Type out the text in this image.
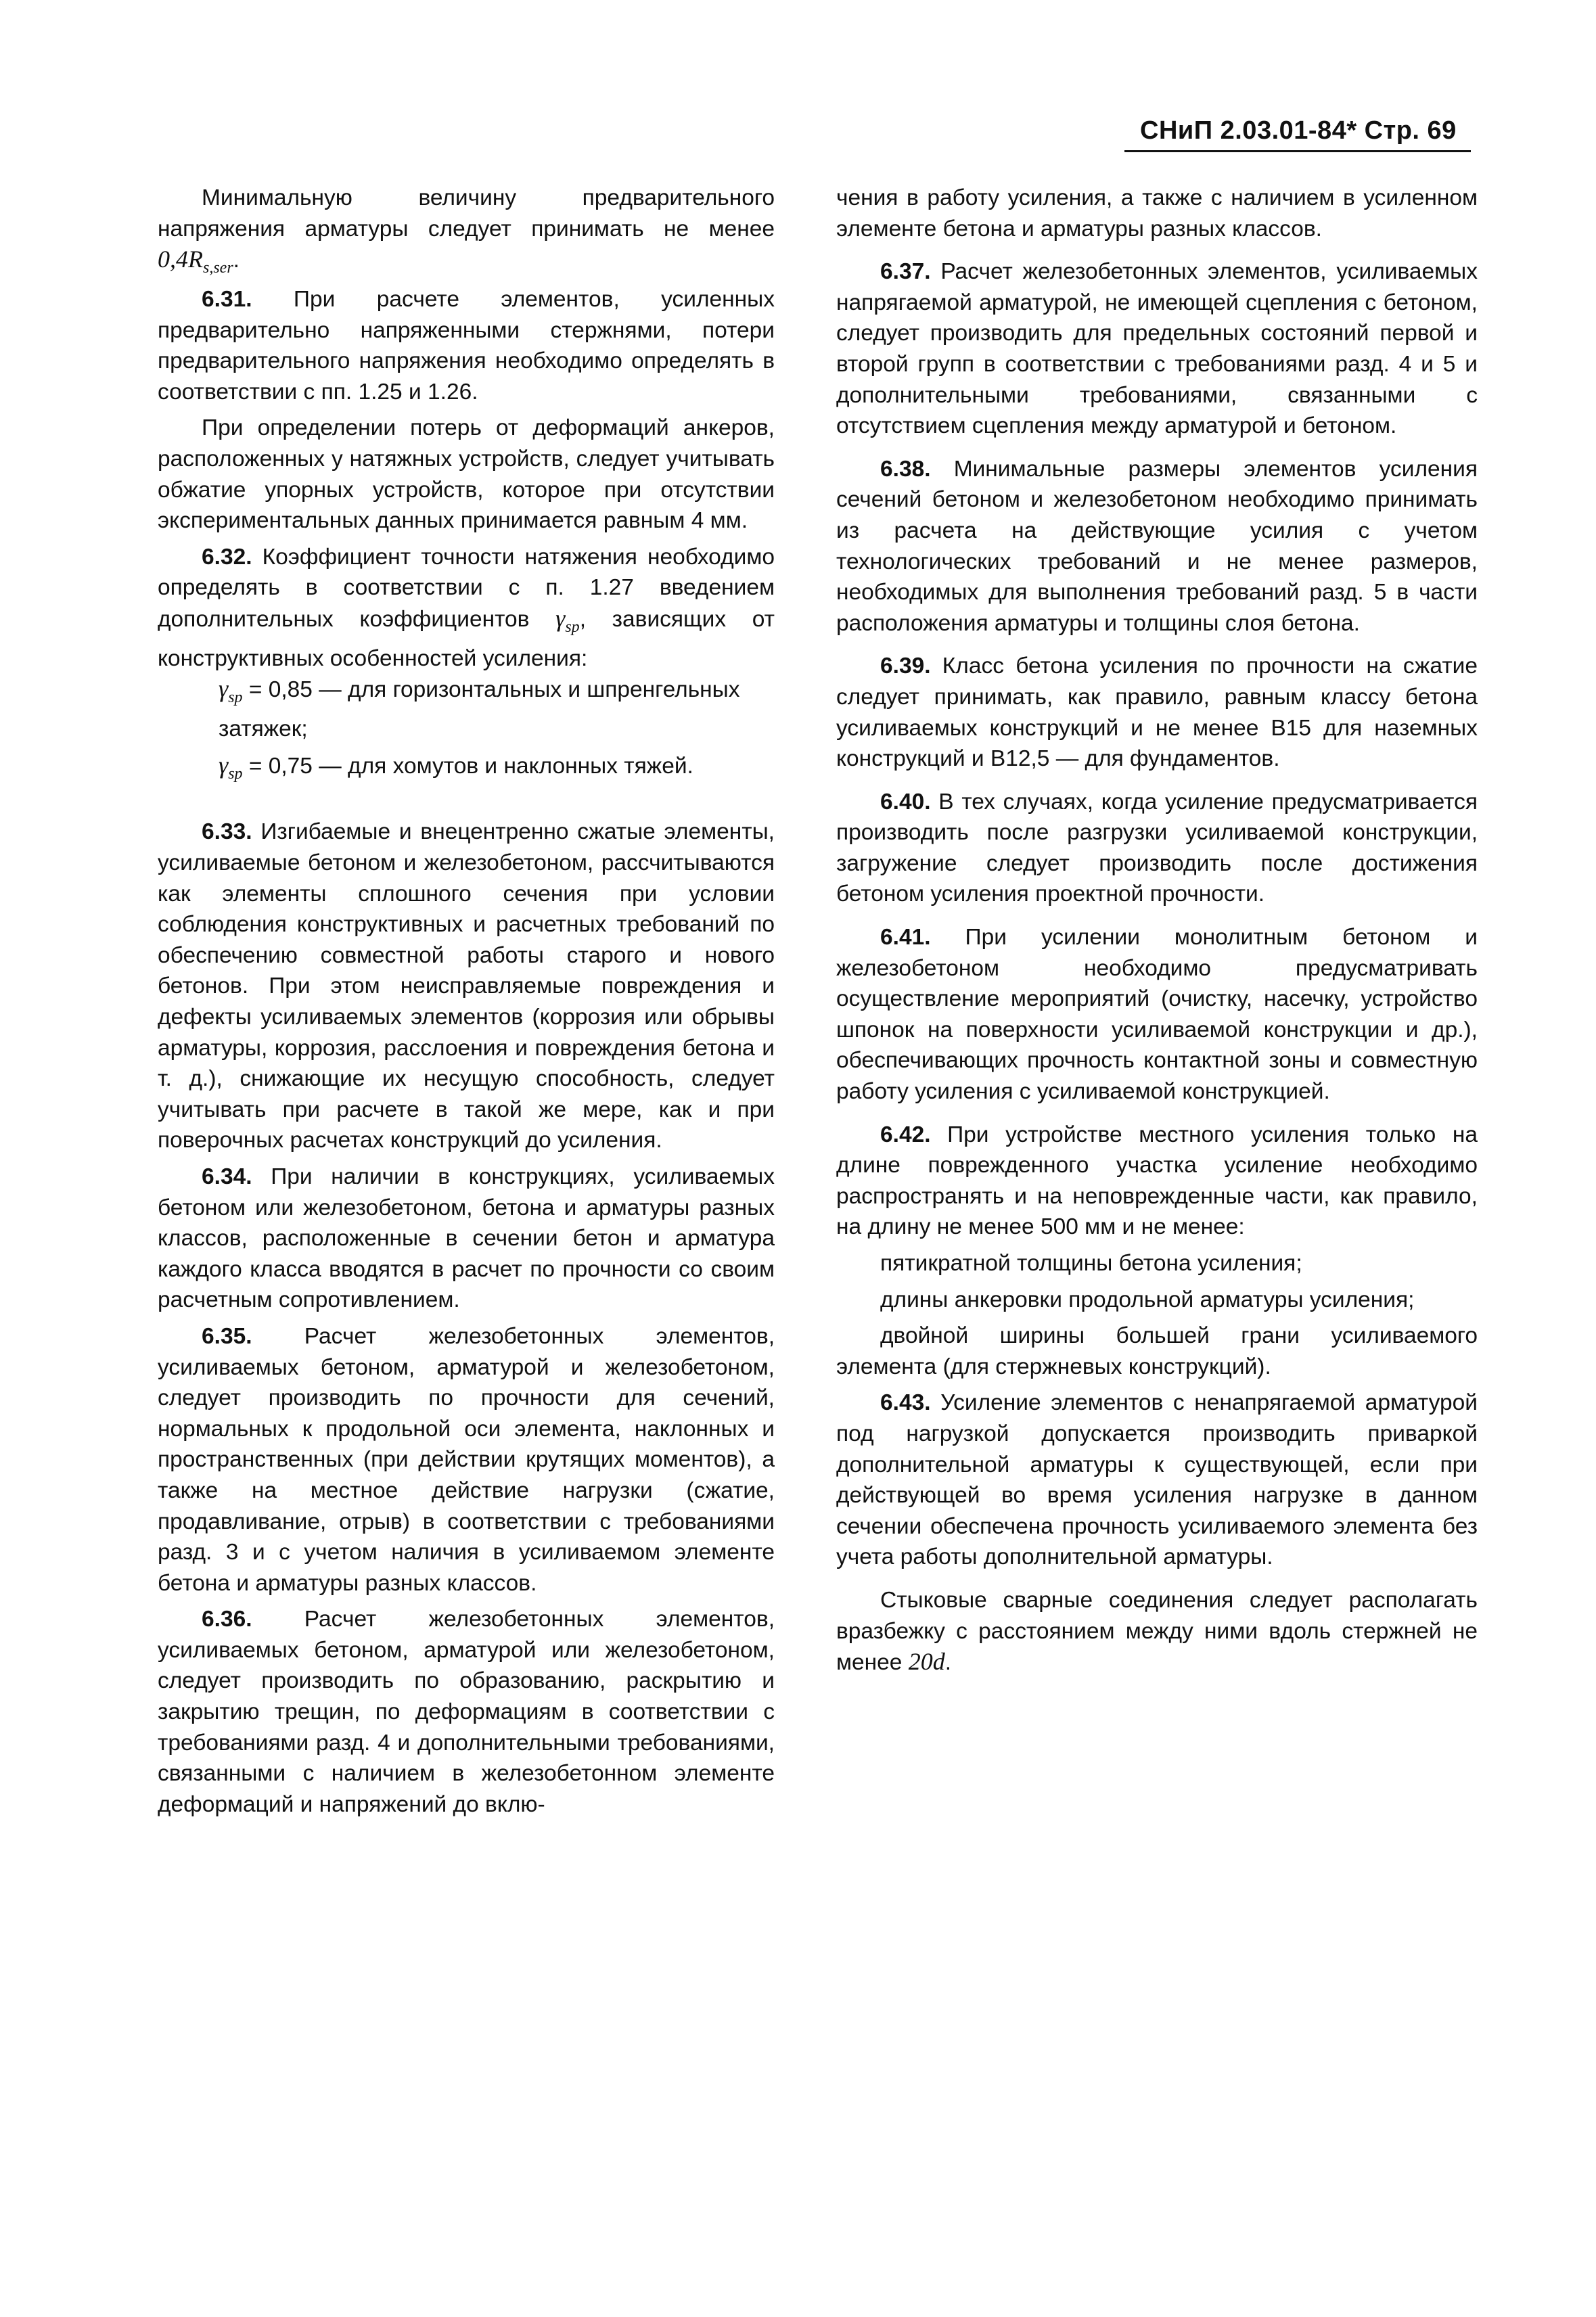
СНиП 2.03.01-84* Стр. 69

Минимальную величину предварительного напряжения арматуры следует принимать не менее $0,4R_{s,ser}$.

6.31. При расчете элементов, усиленных предварительно напряженными стержнями, потери предварительного напряжения необходимо определять в соответствии с пп. 1.25 и 1.26.

При определении потерь от деформаций анкеров, расположенных у натяжных устройств, следует учитывать обжатие упорных устройств, которое при отсутствии экспериментальных данных принимается равным 4 мм.

6.32. Коэффициент точности натяжения необходимо определять в соответствии с п. 1.27 введением дополнительных коэффициентов $\gamma_{sp}$, зависящих от конструктивных особенностей усиления:

$\gamma_{sp} = 0,85$ — для горизонтальных и шпренгельных затяжек;

$\gamma_{sp} = 0,75$ — для хомутов и наклонных тяжей.

6.33. Изгибаемые и внецентренно сжатые элементы, усиливаемые бетоном и железобетоном, рассчитываются как элементы сплошного сечения при условии соблюдения конструктивных и расчетных требований по обеспечению совместной работы старого и нового бетонов. При этом неисправляемые повреждения и дефекты усиливаемых элементов (коррозия или обрывы арматуры, коррозия, расслоения и повреждения бетона и т. д.), снижающие их несущую способность, следует учитывать при расчете в такой же мере, как и при поверочных расчетах конструкций до усиления.

6.34. При наличии в конструкциях, усиливаемых бетоном или железобетоном, бетона и арматуры разных классов, расположенные в сечении бетон и арматура каждого класса вводятся в расчет по прочности со своим расчетным сопротивлением.

6.35. Расчет железобетонных элементов, усиливаемых бетоном, арматурой и железобетоном, следует производить по прочности для сечений, нормальных к продольной оси элемента, наклонных и пространственных (при действии крутящих моментов), а также на местное действие нагрузки (сжатие, продавливание, отрыв) в соответствии с требованиями разд. 3 и с учетом наличия в усиливаемом элементе бетона и арматуры разных классов.

6.36. Расчет железобетонных элементов, усиливаемых бетоном, арматурой или железобетоном, следует производить по образованию, раскрытию и закрытию трещин, по деформациям в соответствии с требованиями разд. 4 и дополнительными требованиями, связанными с наличием в железобетонном элементе деформаций и напряжений до вклю-

чения в работу усиления, а также с наличием в усиленном элементе бетона и арматуры разных классов.

6.37. Расчет железобетонных элементов, усиливаемых напрягаемой арматурой, не имеющей сцепления с бетоном, следует производить для предельных состояний первой и второй групп в соответствии с требованиями разд. 4 и 5 и дополнительными требованиями, связанными с отсутствием сцепления между арматурой и бетоном.

6.38. Минимальные размеры элементов усиления сечений бетоном и железобетоном необходимо принимать из расчета на действующие усилия с учетом технологических требований и не менее размеров, необходимых для выполнения требований разд. 5 в части расположения арматуры и толщины слоя бетона.

6.39. Класс бетона усиления по прочности на сжатие следует принимать, как правило, равным классу бетона усиливаемых конструкций и не менее B15 для наземных конструкций и B12,5 — для фундаментов.

6.40. В тех случаях, когда усиление предусматривается производить после разгрузки усиливаемой конструкции, загружение следует производить после достижения бетоном усиления проектной прочности.

6.41. При усилении монолитным бетоном и железобетоном необходимо предусматривать осуществление мероприятий (очистку, насечку, устройство шпонок на поверхности усиливаемой конструкции и др.), обеспечивающих прочность контактной зоны и совместную работу усиления с усиливаемой конструкцией.

6.42. При устройстве местного усиления только на длине поврежденного участка усиление необходимо распространять и на неповрежденные части, как правило, на длину не менее 500 мм и не менее:

пятикратной толщины бетона усиления;

длины анкеровки продольной арматуры усиления;

двойной ширины большей грани усиливаемого элемента (для стержневых конструкций).

6.43. Усиление элементов с ненапрягаемой арматурой под нагрузкой допускается производить приваркой дополнительной арматуры к существующей, если при действующей во время усиления нагрузке в данном сечении обеспечена прочность усиливаемого элемента без учета работы дополнительной арматуры.

Стыковые сварные соединения следует располагать вразбежку с расстоянием между ними вдоль стержней не менее 20d.
